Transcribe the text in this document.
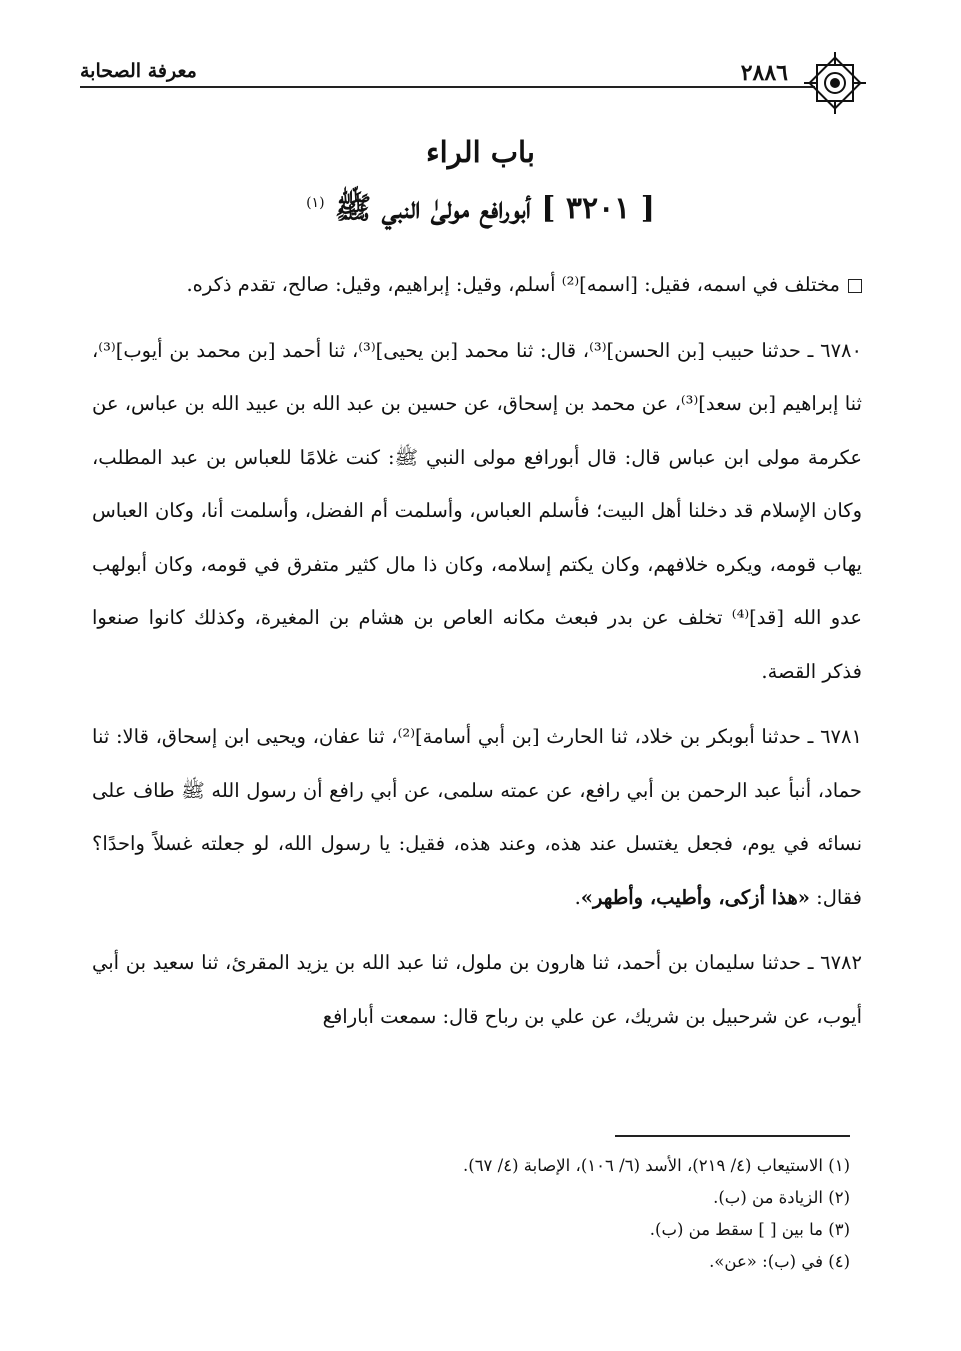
معرفة الصحابة	٢٨٨٦
باب الراء
[ ٣٢٠١ ] أبورافع مولىٰ النبي ﷺ $^{(١)}$

مختلف في اسمه، فقيل: [اسمه]⁽²⁾ أسلم، وقيل: إبراهيم، وقيل: صالح، تقدم ذكره.

٦٧٨٠ ـ حدثنا حبيب [بن الحسن]⁽³⁾، قال: ثنا محمد [بن يحيى]⁽³⁾، ثنا أحمد [بن محمد بن أيوب]⁽³⁾، ثنا إبراهيم [بن سعد]⁽³⁾، عن محمد بن إسحاق، عن حسين بن عبد الله بن عبيد الله بن عباس، عن عكرمة مولى ابن عباس قال: قال أبورافع مولى النبي ﷺ: كنت غلامًا للعباس بن عبد المطلب، وكان الإسلام قد دخلنا أهل البيت؛ فأسلم العباس، وأسلمت أم الفضل، وأسلمت أنا، وكان العباس يهاب قومه، ويكره خلافهم، وكان يكتم إسلامه، وكان ذا مال كثير متفرق في قومه، وكان أبولهب عدو الله [قد]⁽⁴⁾ تخلف عن بدر فبعث مكانه العاص بن هشام بن المغيرة، وكذلك كانوا صنعوا فذكر القصة.

٦٧٨١ ـ حدثنا أبوبكر بن خلاد، ثنا الحارث [بن أبي أسامة]⁽²⁾، ثنا عفان، ويحيى ابن إسحاق، قالا: ثنا حماد، أنبأ عبد الرحمن بن أبي رافع، عن عمته سلمى، عن أبي رافع أن رسول الله ﷺ طاف على نسائه في يوم، فجعل يغتسل عند هذه، وعند هذه، فقيل: يا رسول الله، لو جعلته غسلاً واحدًا؟ فقال: «هذا أزكى، وأطيب، وأطهر».

٦٧٨٢ ـ حدثنا سليمان بن أحمد، ثنا هارون بن ملول، ثنا عبد الله بن يزيد المقرئ، ثنا سعيد بن أبي أيوب، عن شرحبيل بن شريك، عن علي بن رباح قال: سمعت أبارافع

(١) الاستيعاب (٤/ ٢١٩)، الأسد (٦/ ١٠٦)، الإصابة (٤/ ٦٧).
(٢) الزيادة من (ب).
(٣) ما بين [ ] سقط من (ب).
(٤) في (ب): «عن».
